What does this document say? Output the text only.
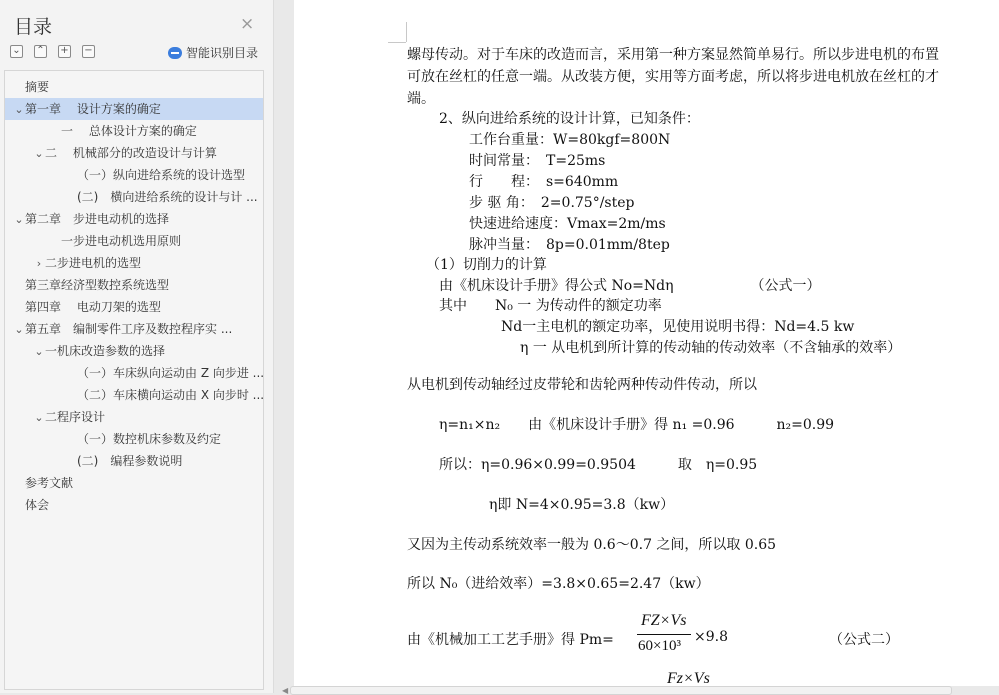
目录	×
⌄ ⌃ + −	智能识别目录
摘要
⌄第一章　 设计方案的确定
一　 总体设计方案的确定
⌄二　 机械部分的改造设计与计算
（一）纵向进给系统的设计选型
(二)　横向进给系统的设计与计 ...
⌄第二章　步进电动机的选择
一步进电动机选用原则
› 二步进电机的选型
第三章经济型数控系统选型
第四章　 电动刀架的选型
⌄第五章　编制零件工序及数控程序实 ...
⌄一机床改造参数的选择
（一）车床纵向运动由 Z 向步进 ...
（二）车床横向运动由 X 向步时 ...
⌄二程序设计
（一）数控机床参数及约定
(二)　编程参数说明
参考文献
体会
螺母传动。对于车床的改造而言，采用第一种方案显然简单易行。所以步进电机的布置
可放在丝杠的任意一端。从改装方便，实用等方面考虑，所以将步进电机放在丝杠的才
端。
2、纵向进给系统的设计计算，已知条件：
工作台重量：W=80kgf=800N
时间常量：　T=25ms
行　　程：　s=640mm
步 驱 角：　2=0.75°/step
快速进给速度：Vmax=2m/ms
脉冲当量：　8p=0.01mm/8tep
（1）切削力的计算
由《机床设计手册》得公式 No=Ndη　　　　　　（公式一）
其中　　N₀ 一 为传动件的额定功率
Nd一主电机的额定功率，见使用说明书得：Nd=4.5 kw
η 一 从电机到所计算的传动轴的传动效率（不含轴承的效率）
从电机到传动轴经过皮带轮和齿轮两种传动件传动，所以
η=n₁×n₂　　由《机床设计手册》得 n₁ =0.96　　　n₂=0.99
所以：η=0.96×0.99=0.9504　　　取　η=0.95
η即 N=4×0.95=3.8（kw）
又因为主传动系统效率一般为 0.6～0.7 之间，所以取 0.65
所以 N₀（进给效率）=3.8×0.65=2.47（kw）
由《机械加工工艺手册》得 Pm=
FZ×Vs
60×10³
×9.8	（公式二）
Fz×Vs
◀
